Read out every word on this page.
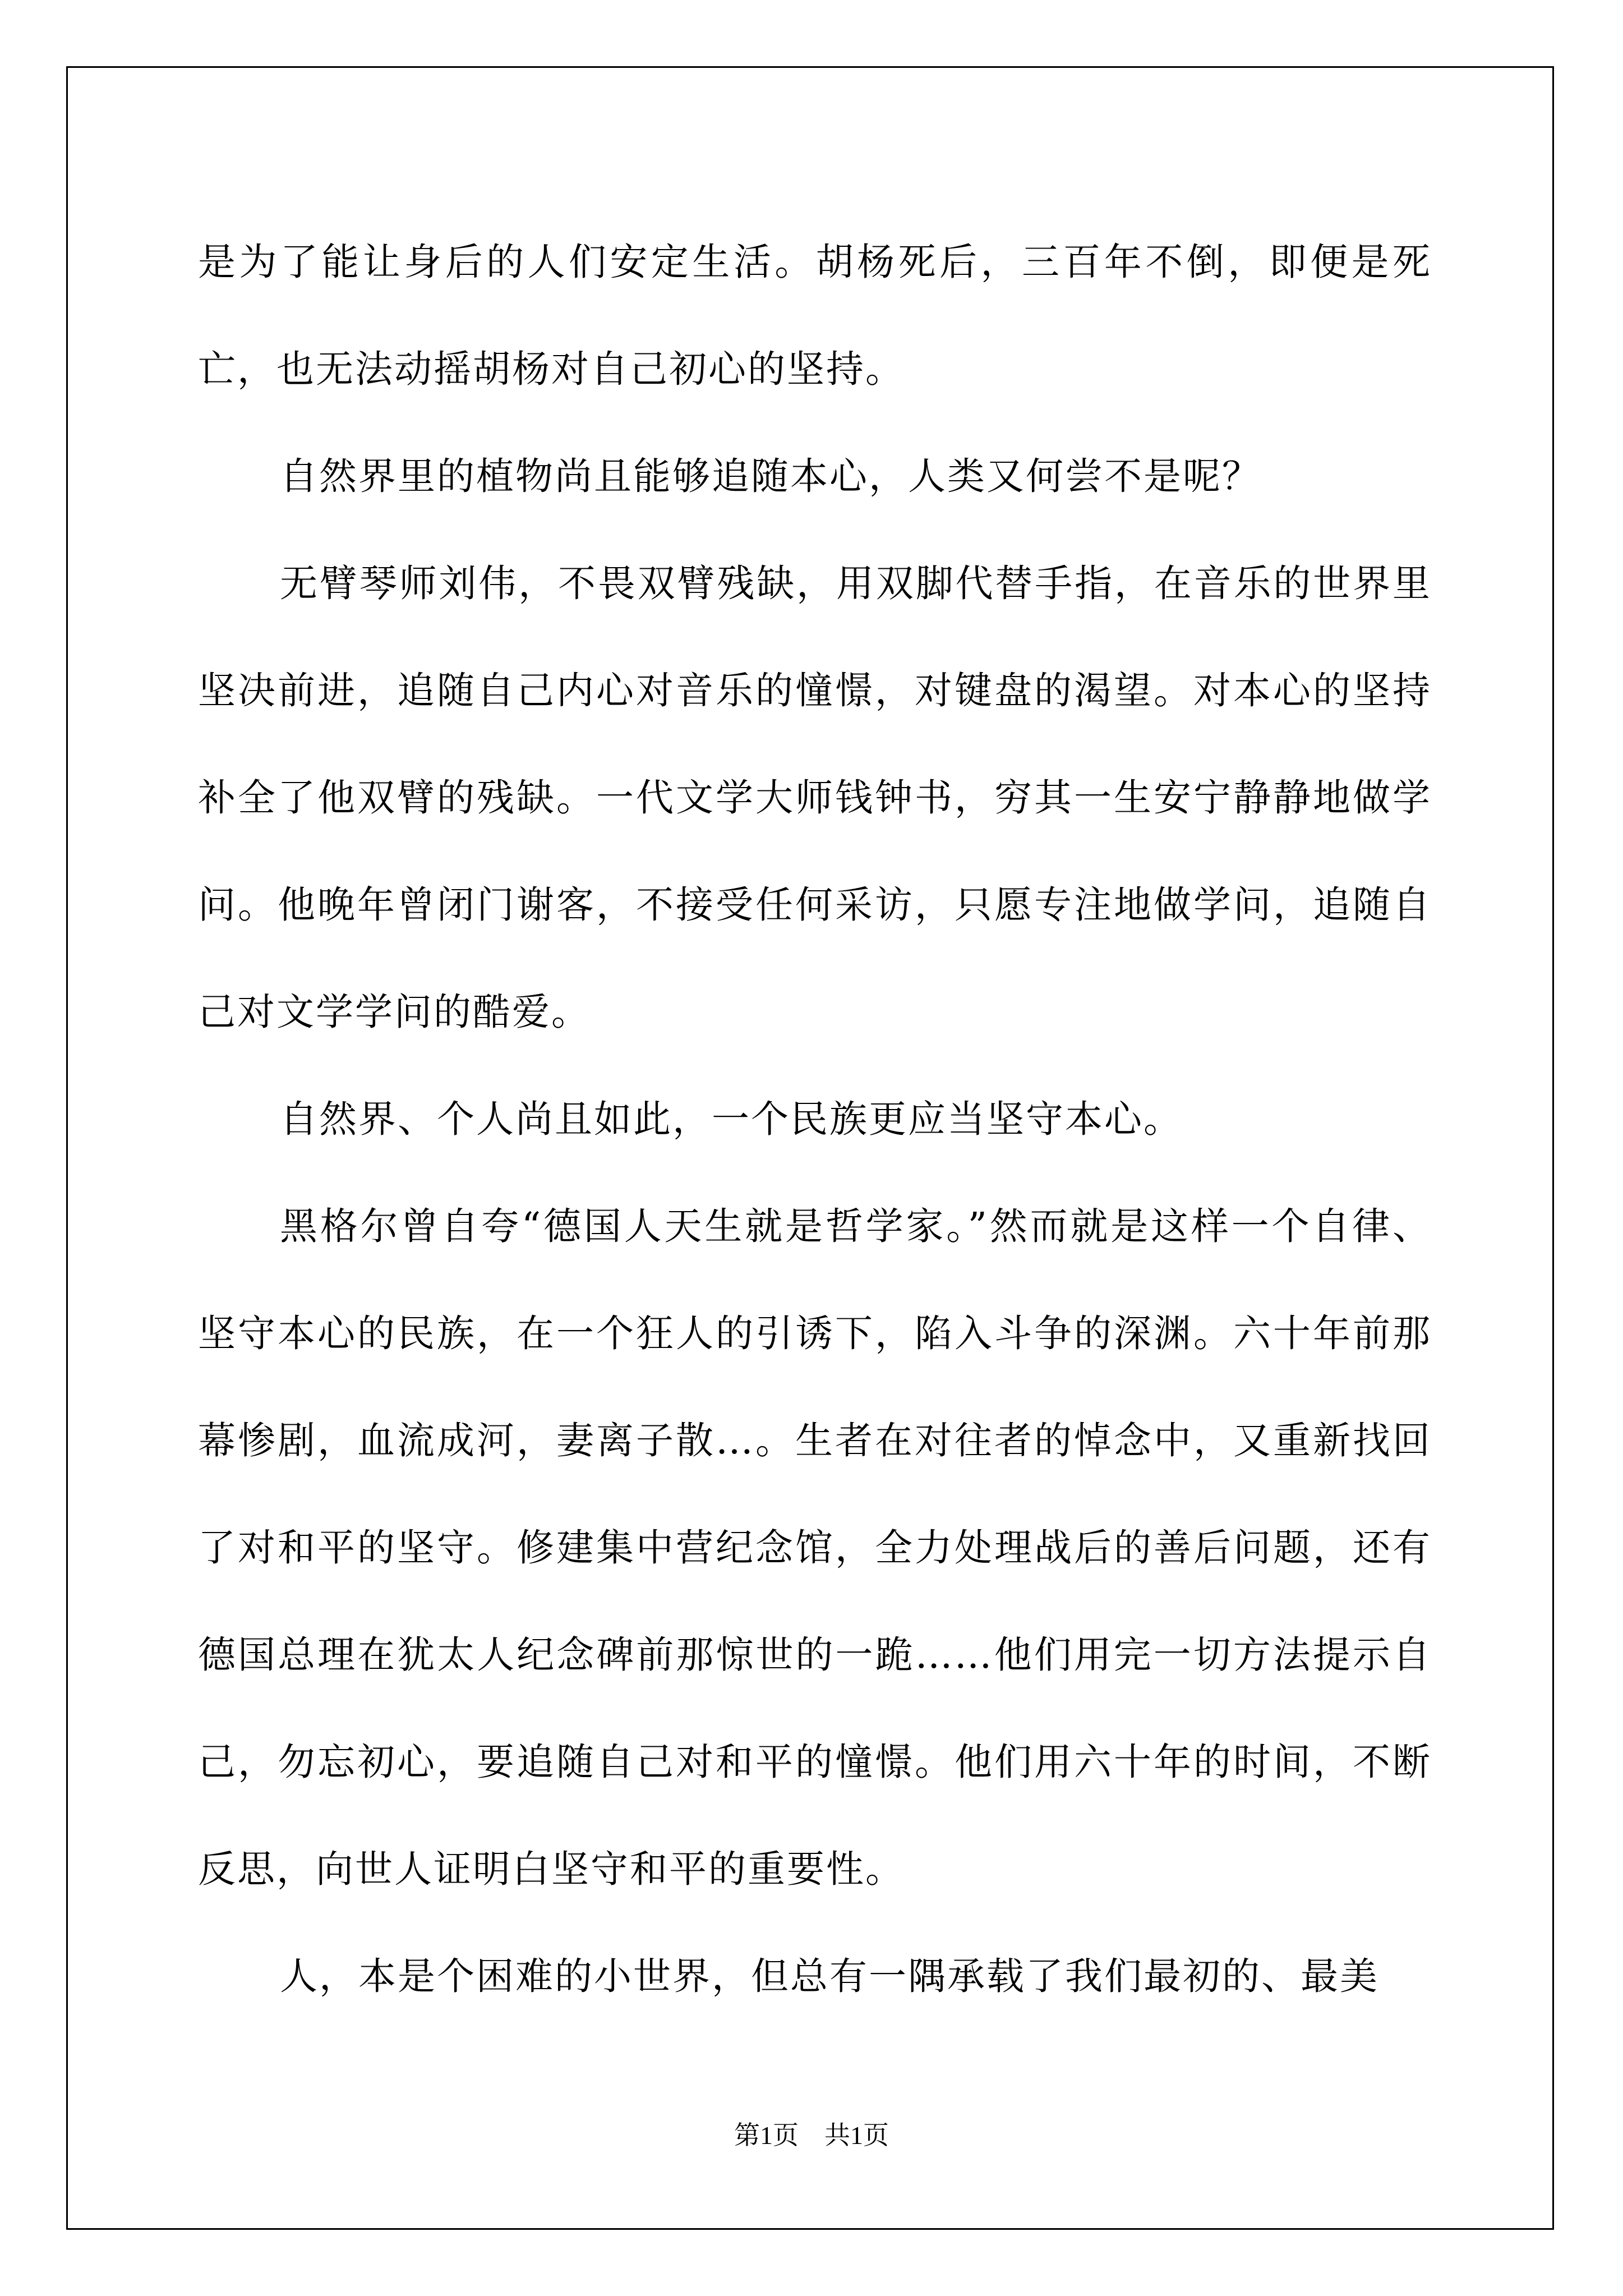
是为了能让身后的人们安定生活。胡杨死后，三百年不倒，即便是死亡，也无法动摇胡杨对自己初心的坚持。

自然界里的植物尚且能够追随本心，人类又何尝不是呢？

无臂琴师刘伟，不畏双臂残缺，用双脚代替手指，在音乐的世界里坚决前进，追随自己内心对音乐的憧憬，对键盘的渴望。对本心的坚持补全了他双臂的残缺。一代文学大师钱钟书，穷其一生安宁静静地做学问。他晚年曾闭门谢客，不接受任何采访，只愿专注地做学问，追随自己对文学学问的酷爱。

自然界、个人尚且如此，一个民族更应当坚守本心。

黑格尔曾自夸“德国人天生就是哲学家。”然而就是这样一个自律、坚守本心的民族，在一个狂人的引诱下，陷入斗争的深渊。六十年前那幕惨剧，血流成河，妻离子散…。生者在对往者的悼念中，又重新找回了对和平的坚守。修建集中营纪念馆，全力处理战后的善后问题，还有德国总理在犹太人纪念碑前那惊世的一跪……他们用完一切方法提示自己，勿忘初心，要追随自己对和平的憧憬。他们用六十年的时间，不断反思，向世人证明白坚守和平的重要性。

人，本是个困难的小世界，但总有一隅承载了我们最初的、最美

第1页 共1页
